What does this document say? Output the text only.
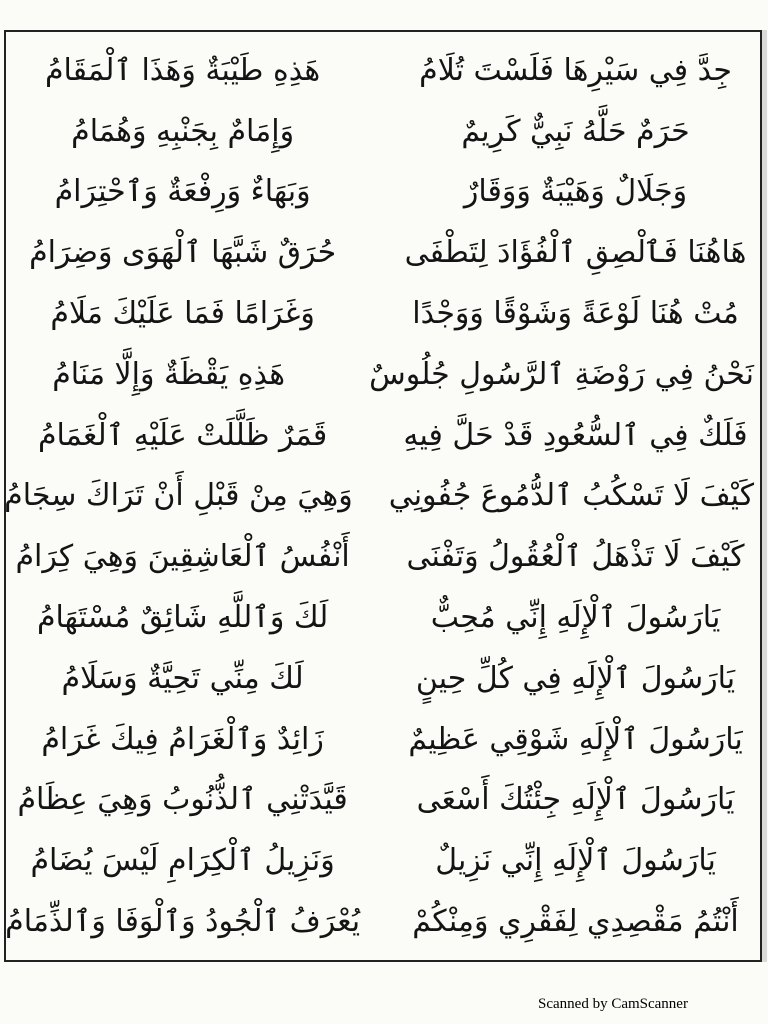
جِدَّ فِي سَيْرِهَا فَلَسْتَ تُلَامُ
هَذِهِ طَيْبَةٌ وَهَذَا ٱلْمَقَامُ
حَرَمٌ حَلَّهُ نَبِيٌّ كَرِيمٌ
وَإِمَامٌ بِجَنْبِهِ وَهُمَامُ
وَجَلَالٌ وَهَيْبَةٌ وَوَقَارٌ
وَبَهَاءٌ وَرِفْعَةٌ وَٱحْتِرَامُ
هَاهُنَا فَٱلْصِقِ ٱلْفُؤَادَ لِتَطْفَى
حُرَقٌ شَبَّهَا ٱلْهَوَى وَضِرَامُ
مُتْ هُنَا لَوْعَةً وَشَوْقًا وَوَجْدًا
وَغَرَامًا فَمَا عَلَيْكَ مَلَامُ
نَحْنُ فِي رَوْضَةِ ٱلرَّسُولِ جُلُوسٌ
هَذِهِ يَقْظَةٌ وَإِلَّا مَنَامُ
فَلَكٌ فِي ٱلسُّعُودِ قَدْ حَلَّ فِيهِ
قَمَرٌ ظَلَّلَتْ عَلَيْهِ ٱلْغَمَامُ
كَيْفَ لَا تَسْكُبُ ٱلدُّمُوعَ جُفُونِي
وَهِيَ مِنْ قَبْلِ أَنْ تَرَاكَ سِجَامُ
كَيْفَ لَا تَذْهَلُ ٱلْعُقُولُ وَتَفْنَى
أَنْفُسُ ٱلْعَاشِقِينَ وَهِيَ كِرَامُ
يَارَسُولَ ٱلْإِلَهِ إِنِّي مُحِبٌّ
لَكَ وَٱللَّهِ شَائِقٌ مُسْتَهَامُ
يَارَسُولَ ٱلْإِلَهِ فِي كُلِّ حِينٍ
لَكَ مِنِّي تَحِيَّةٌ وَسَلَامُ
يَارَسُولَ ٱلْإِلَهِ شَوْقِي عَظِيمٌ
زَائِدٌ وَٱلْغَرَامُ فِيكَ غَرَامُ
يَارَسُولَ ٱلْإِلَهِ جِئْتُكَ أَسْعَى
قَيَّدَتْنِي ٱلذُّنُوبُ وَهِيَ عِظَامُ
يَارَسُولَ ٱلْإِلَهِ إِنِّي نَزِيلٌ
وَنَزِيلُ ٱلْكِرَامِ لَيْسَ يُضَامُ
أَنْتُمُ مَقْصِدِي لِفَقْرِي وَمِنْكُمْ
يُعْرَفُ ٱلْجُودُ وَٱلْوَفَا وَٱلذِّمَامُ
Scanned by CamScanner
